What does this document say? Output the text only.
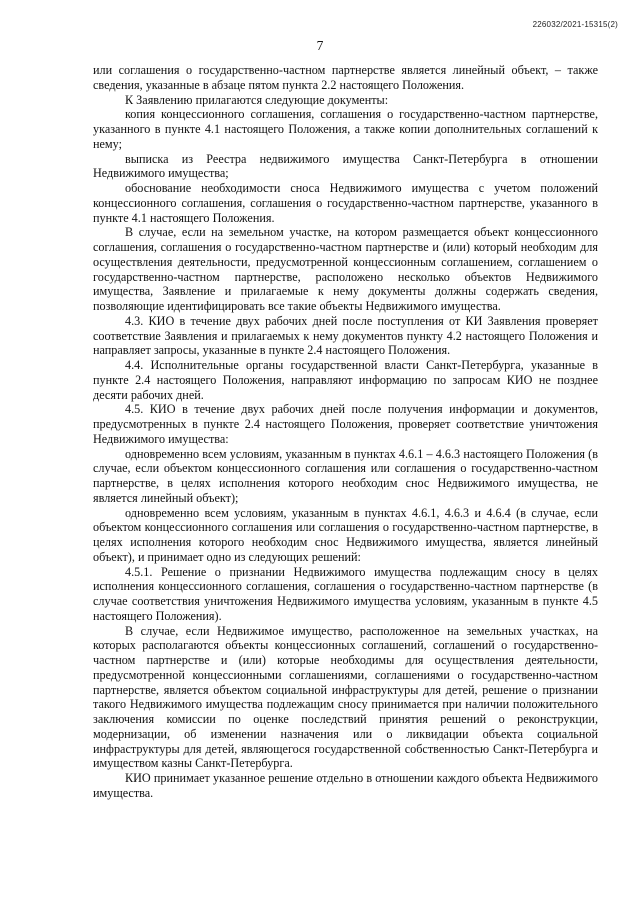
226032/2021-15315(2)
7

или соглашения о государственно-частном партнерстве является линейный объект, – также сведения, указанные в абзаце пятом пункта 2.2 настоящего Положения.

К Заявлению прилагаются следующие документы:

копия концессионного соглашения, соглашения о государственно-частном партнерстве, указанного в пункте 4.1 настоящего Положения, а также копии дополнительных соглашений к нему;

выписка из Реестра недвижимого имущества Санкт-Петербурга в отношении Недвижимого имущества;

обоснование необходимости сноса Недвижимого имущества с учетом положений концессионного соглашения, соглашения о государственно-частном партнерстве, указанного в пункте 4.1 настоящего Положения.

В случае, если на земельном участке, на котором размещается объект концессионного соглашения, соглашения о государственно-частном партнерстве и (или) который необходим для осуществления деятельности, предусмотренной концессионным соглашением, соглашением о государственно-частном партнерстве, расположено несколько объектов Недвижимого имущества, Заявление и прилагаемые к нему документы должны содержать сведения, позволяющие идентифицировать все такие объекты Недвижимого имущества.

4.3. КИО в течение двух рабочих дней после поступления от КИ Заявления проверяет соответствие Заявления и прилагаемых к нему документов пункту 4.2 настоящего Положения и направляет запросы, указанные в пункте 2.4 настоящего Положения.

4.4. Исполнительные органы государственной власти Санкт-Петербурга, указанные в пункте 2.4 настоящего Положения, направляют информацию по запросам КИО не позднее десяти рабочих дней.

4.5. КИО в течение двух рабочих дней после получения информации и документов, предусмотренных в пункте 2.4 настоящего Положения, проверяет соответствие уничтожения Недвижимого имущества:

одновременно всем условиям, указанным в пунктах 4.6.1 – 4.6.3 настоящего Положения (в случае, если объектом концессионного соглашения или соглашения о государственно-частном партнерстве, в целях исполнения которого необходим снос Недвижимого имущества, не является линейный объект);

одновременно всем условиям, указанным в пунктах 4.6.1, 4.6.3 и 4.6.4 (в случае, если объектом концессионного соглашения или соглашения о государственно-частном партнерстве, в целях исполнения которого необходим снос Недвижимого имущества, является линейный объект), и принимает одно из следующих решений:

4.5.1. Решение о признании Недвижимого имущества подлежащим сносу в целях исполнения концессионного соглашения, соглашения о государственно-частном партнерстве (в случае соответствия уничтожения Недвижимого имущества условиям, указанным в пункте 4.5 настоящего Положения).

В случае, если Недвижимое имущество, расположенное на земельных участках, на которых располагаются объекты концессионных соглашений, соглашений о государственно-частном партнерстве и (или) которые необходимы для осуществления деятельности, предусмотренной концессионными соглашениями, соглашениями о государственно-частном партнерстве, является объектом социальной инфраструктуры для детей, решение о признании такого Недвижимого имущества подлежащим сносу принимается при наличии положительного заключения комиссии по оценке последствий принятия решений о реконструкции, модернизации, об изменении назначения или о ликвидации объекта социальной инфраструктуры для детей, являющегося государственной собственностью Санкт-Петербурга и имуществом казны Санкт-Петербурга.

КИО принимает указанное решение отдельно в отношении каждого объекта Недвижимого имущества.
